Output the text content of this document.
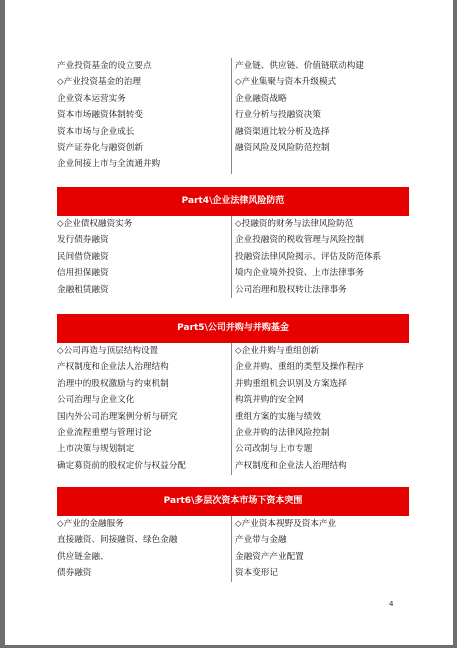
产业投资基金的设立要点
◇产业投资基金的治理
企业资本运营实务
资本市场融资体制转变
资本市场与企业成长
资产证券化与融资创新
企业间接上市与全流通并购
产业链、供应链、价值链联动构建
◇产业集聚与资本升级模式
企业融资战略
行业分析与投融资决策
融资渠道比较分析及选择
融资风险及风险防范控制
Part4\企业法律风险防范
◇企业债权融资实务
发行债券融资
民间借贷融资
信用担保融资
金融租赁融资
◇投融资的财务与法律风险防范
企业投融资的税收管理与风险控制
投融资法律风险揭示、评估及防范体系
境内企业境外投资、上市法律事务
公司治理和股权转让法律事务
Part5\公司并购与并购基金
◇公司再造与顶层结构设置
产权制度和企业法人治理结构
治理中的股权激励与约束机制
公司治理与企业文化
国内外公司治理案例分析与研究
企业流程重塑与管理讨论
上市决策与规划制定
确定募资前的股权定价与权益分配
◇企业并购与重组创新
企业并购、重组的类型及操作程序
并购重组机会识别及方案选择
构筑并购的安全网
重组方案的实施与绩效
企业并购的法律风险控制
公司改制与上市专题
产权制度和企业法人治理结构
Part6\多层次资本市场下资本突围
◇产业的金融服务
直接融资、间接融资、绿色金融
供应链金融、
债券融资
◇产业资本视野及资本产业
产业带与金融
金融资产产业配置
资本变形记
4
